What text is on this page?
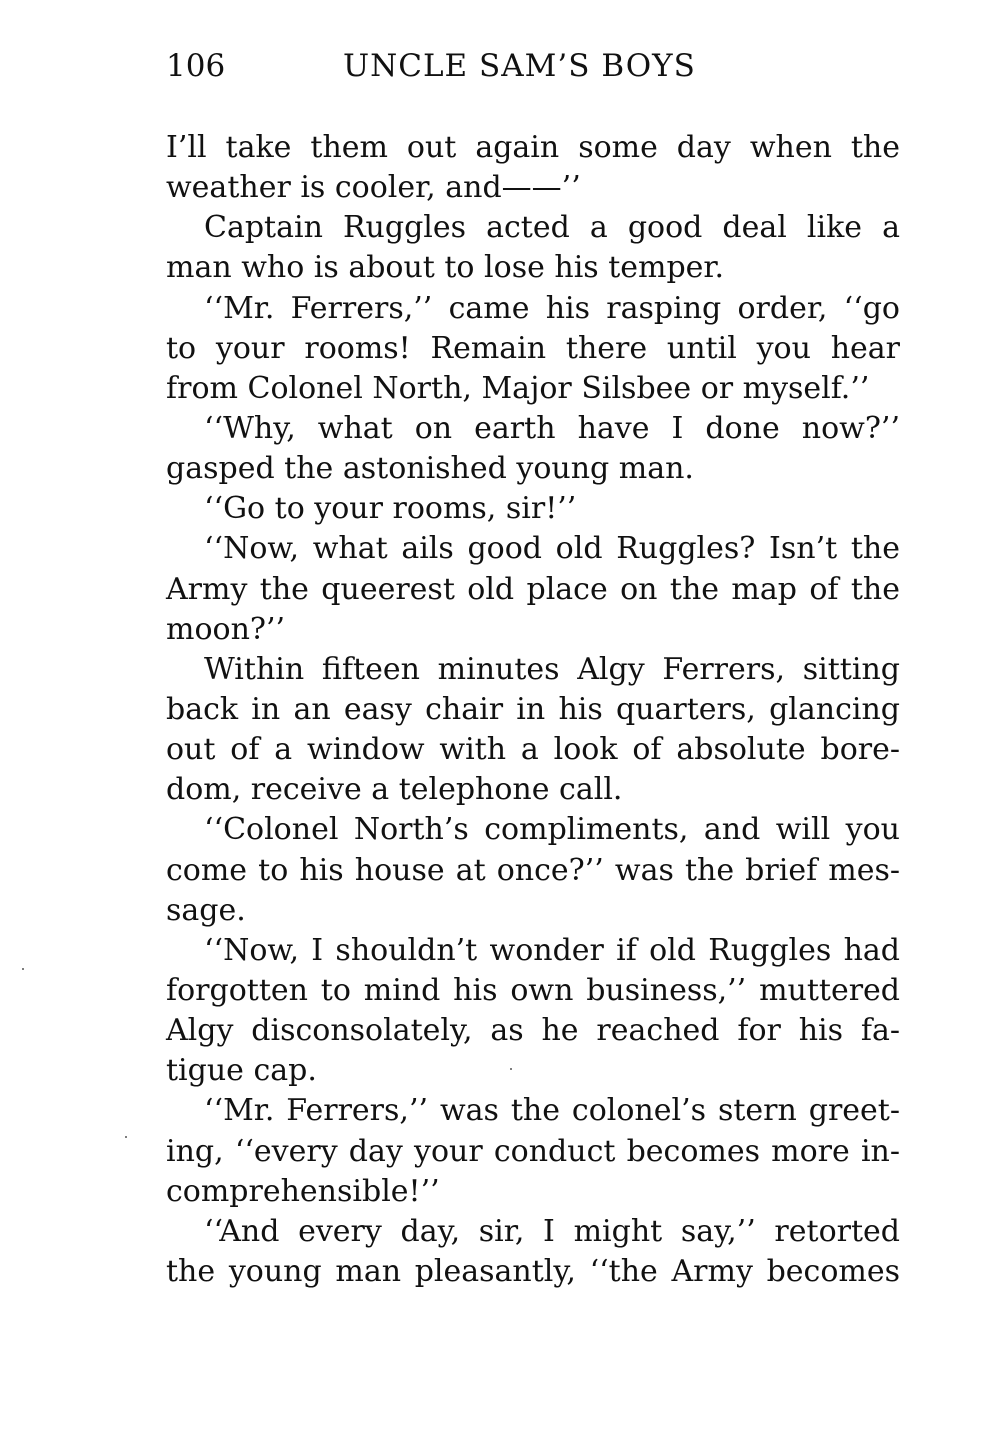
106	UNCLE SAM’S BOYS
I’ll take them out again some day when the
weather is cooler, and——’’
Captain Ruggles acted a good deal like a
man who is about to lose his temper.
‘‘Mr. Ferrers,’’ came his rasping order, ‘‘go
to your rooms! Remain there until you hear
from Colonel North, Major Silsbee or myself.’’
‘‘Why, what on earth have I done now?’’
gasped the astonished young man.
‘‘Go to your rooms, sir!’’
‘‘Now, what ails good old Ruggles? Isn’t the
Army the queerest old place on the map of the
moon?’’
Within fifteen minutes Algy Ferrers, sitting
back in an easy chair in his quarters, glancing
out of a window with a look of absolute bore-
dom, receive a telephone call.
‘‘Colonel North’s compliments, and will you
come to his house at once?’’ was the brief mes-
sage.
‘‘Now, I shouldn’t wonder if old Ruggles had
forgotten to mind his own business,’’ muttered
Algy disconsolately, as he reached for his fa-
tigue cap.
‘‘Mr. Ferrers,’’ was the colonel’s stern greet-
ing, ‘‘every day your conduct becomes more in-
comprehensible!’’
‘‘And every day, sir, I might say,’’ retorted
the young man pleasantly, ‘‘the Army becomes
